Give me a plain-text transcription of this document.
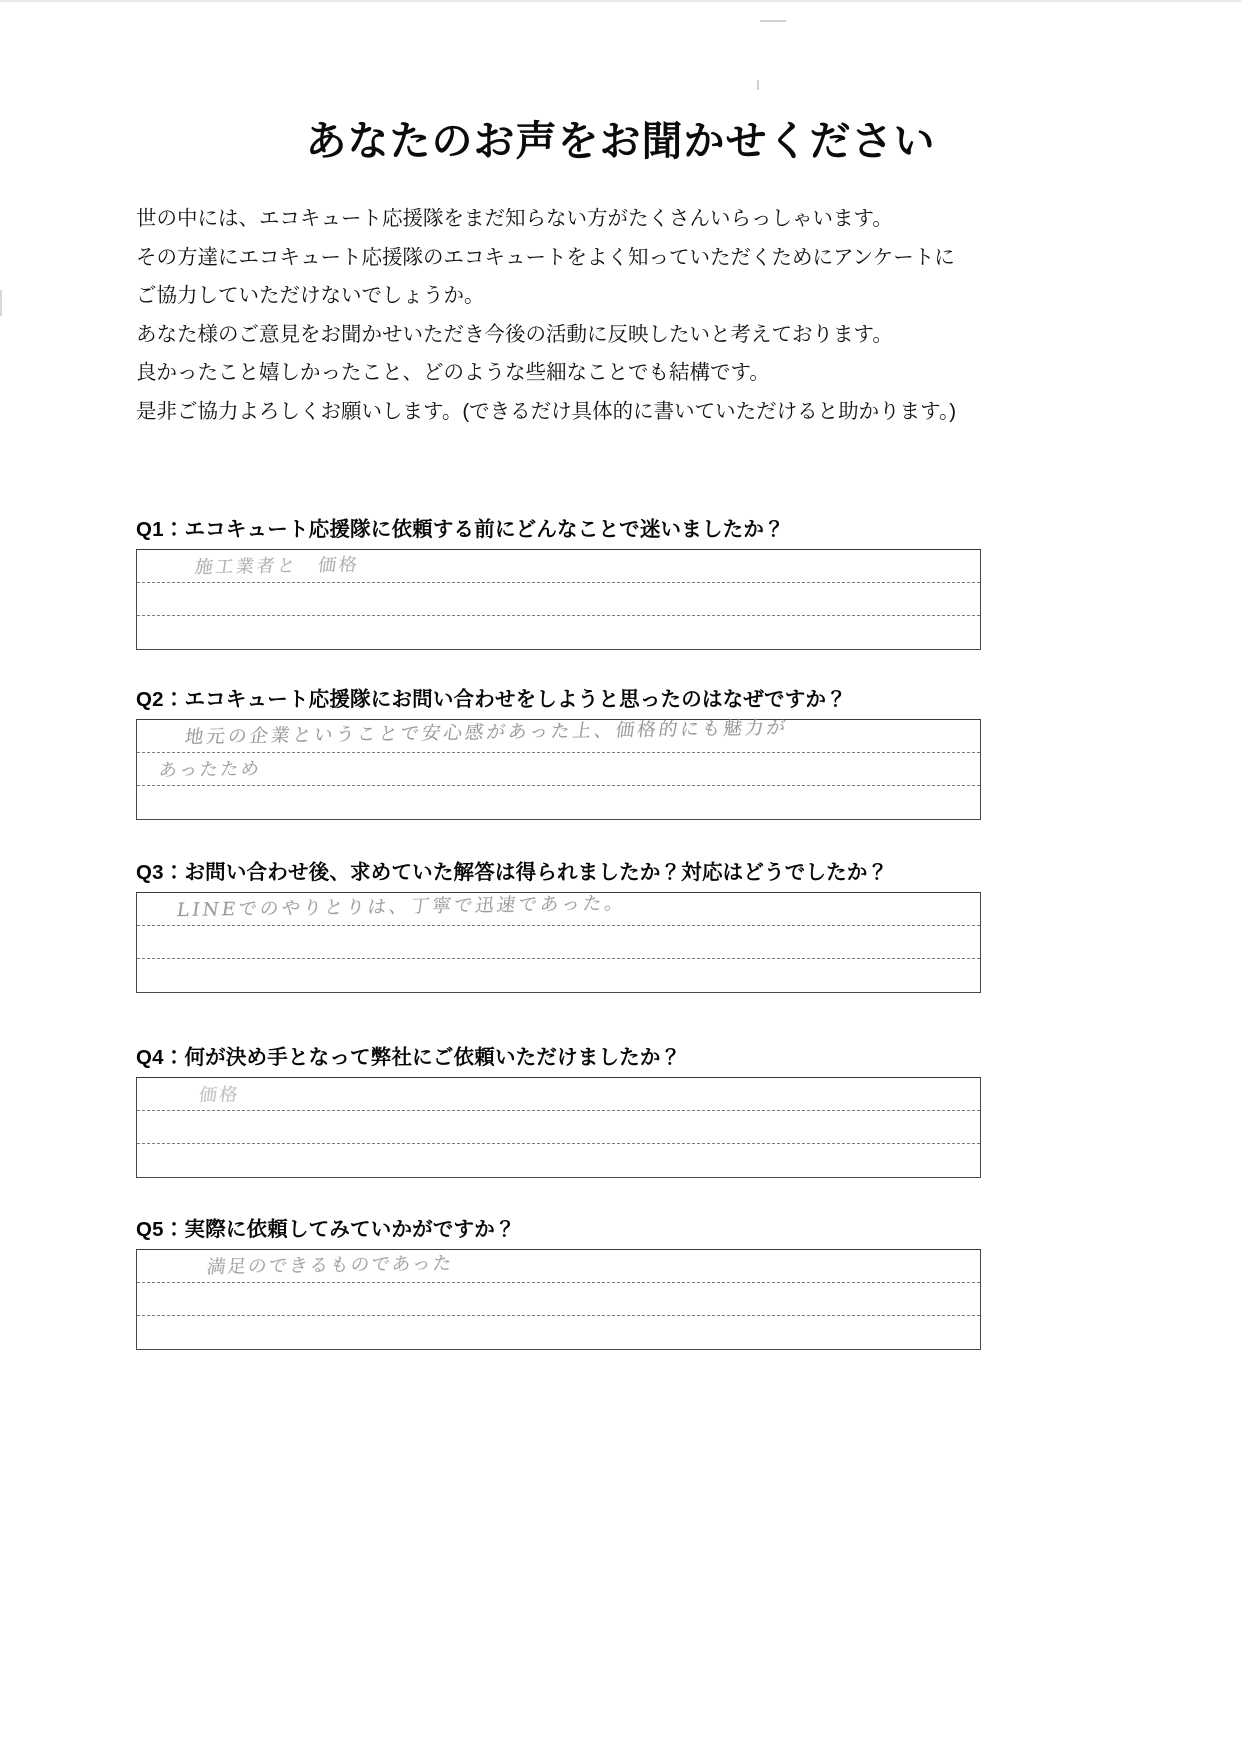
あなたのお声をお聞かせください
世の中には、エコキュート応援隊をまだ知らない方がたくさんいらっしゃいます。
その方達にエコキュート応援隊のエコキュートをよく知っていただくためにアンケートに
ご協力していただけないでしょうか。
あなた様のご意見をお聞かせいただき今後の活動に反映したいと考えております。
良かったこと嬉しかったこと、どのような些細なことでも結構です。
是非ご協力よろしくお願いします。(できるだけ具体的に書いていただけると助かります。)
Q1：エコキュート応援隊に依頼する前にどんなことで迷いましたか？
施工業者と　価格
Q2：エコキュート応援隊にお問い合わせをしようと思ったのはなぜですか？
地元の企業ということで安心感があった上、価格的にも魅力が
あったため
Q3：お問い合わせ後、求めていた解答は得られましたか？対応はどうでしたか？
LINEでのやりとりは、丁寧で迅速であった。
Q4：何が決め手となって弊社にご依頼いただけましたか？
価格
Q5：実際に依頼してみていかがですか？
満足のできるものであった
